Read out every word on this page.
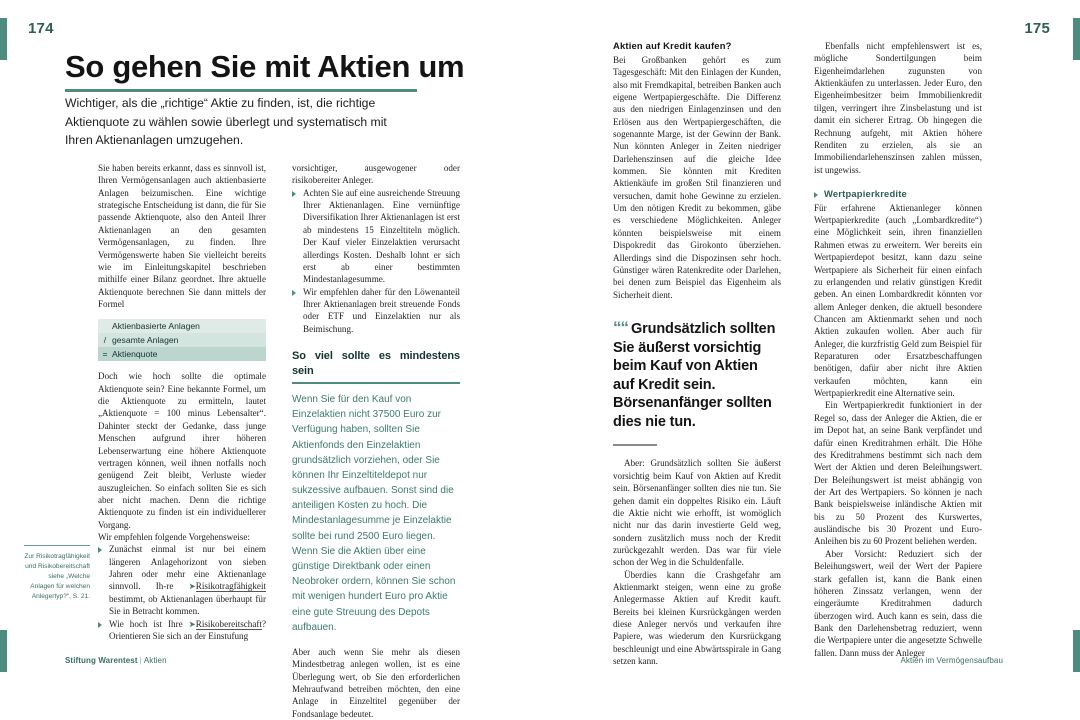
174	175
So gehen Sie mit Aktien um
Wichtiger, als die „richtige“ Aktie zu finden, ist, die richtige Aktienquote zu wählen sowie überlegt und systematisch mit Ihren Aktienanlagen umzugehen.

Sie haben bereits erkannt, dass es sinnvoll ist, Ihren Vermögensanlagen auch aktienbasierte Anlagen beizumischen. Eine wichtige strategische Entscheidung ist dann, die für Sie passende Aktienquote, also den Anteil Ihrer Aktienanlagen an den gesamten Vermögensanlagen, zu finden. Ihre Vermögenswerte haben Sie vielleicht bereits wie im Einleitungskapitel beschrieben mithilfe einer Bilanz geordnet. Ihre aktuelle Aktienquote berechnen Sie dann mittels der Formel

Aktienbasierte Anlagen
/ gesamte Anlagen
= Aktienquote

Doch wie hoch sollte die optimale Aktienquote sein? Eine bekannte Formel, um die Aktienquote zu ermitteln, lautet „Aktienquote = 100 minus Lebensalter“. Dahinter steckt der Gedanke, dass junge Menschen aufgrund ihrer höheren Lebenserwartung eine höhere Aktienquote vertragen können, weil ihnen notfalls noch genügend Zeit bleibt, Verluste wieder auszugleichen. So einfach sollten Sie es sich aber nicht machen. Denn die richtige Aktienquote zu finden ist ein individuellerer Vorgang.

Wir empfehlen folgende Vorgehensweise:

Zunächst einmal ist nur bei einem längeren Anlagehorizont von sieben Jahren oder mehr eine Aktienanlage sinnvoll. Ih-re ➤Risikotragfähigkeit bestimmt, ob Aktienanlagen überhaupt für Sie in Betracht kommen.
Wie hoch ist Ihre ➤Risikobereitschaft? Orientieren Sie sich an der Einstufung
Zur Risikotragfähigkeit und Risikobereitschaft siehe „Welche Anlagen für welchen Anlegertyp?“, S. 21.

vorsichtiger, ausgewogener oder risikobereiter Anleger.

Achten Sie auf eine ausreichende Streuung Ihrer Aktienanlagen. Eine vernünftige Diversifikation Ihrer Aktienanlagen ist erst ab mindestens 15 Einzeltiteln möglich. Der Kauf vieler Einzelaktien verursacht allerdings Kosten. Deshalb lohnt er sich erst ab einer bestimmten Mindestanlagesumme.
Wir empfehlen daher für den Löwenanteil Ihrer Aktienanlagen breit streuende Fonds oder ETF und Einzelaktien nur als Beimischung.
So viel sollte es mindestens sein
Wenn Sie für den Kauf von Einzelaktien nicht 37500 Euro zur Verfügung haben, sollten Sie Aktienfonds den Einzelaktien grundsätzlich vorziehen, oder Sie können Ihr Einzeltiteldepot nur sukzessive aufbauen. Sonst sind die anteiligen Kosten zu hoch. Die Mindestanlagesumme je Einzelaktie sollte bei rund 2500 Euro liegen. Wenn Sie die Aktien über eine günstige Direktbank oder einen Neobroker ordern, können Sie schon mit wenigen hundert Euro pro Aktie eine gute Streuung des Depots aufbauen.

Aber auch wenn Sie mehr als diesen Mindestbetrag anlegen wollen, ist es eine Überlegung wert, ob Sie den erforderlichen Mehraufwand betreiben möchten, den eine Anlage in Einzeltitel gegenüber der Fondsanlage bedeutet.

Stiftung Warentest | Aktien
Aktien auf Kredit kaufen?

Bei Großbanken gehört es zum Tagesgeschäft: Mit den Einlagen der Kunden, also mit Fremdkapital, betreiben Banken auch eigene Wertpapiergeschäfte. Die Differenz aus den niedrigen Einlagenzinsen und den Erlösen aus den Wertpapiergeschäften, die sogenannte Marge, ist der Gewinn der Bank. Nun könnten Anleger in Zeiten niedriger Darlehenszinsen auf die gleiche Idee kommen. Sie könnten mit Krediten Aktienkäufe im großen Stil finanzieren und versuchen, damit hohe Gewinne zu erzielen. Um den nötigen Kredit zu bekommen, gäbe es verschiedene Möglichkeiten. Anleger könnten beispielsweise mit einem Dispokredit das Girokonto überziehen. Allerdings sind die Dispozinsen sehr hoch. Günstiger wären Ratenkredite oder Darlehen, bei denen zum Beispiel das Eigenheim als Sicherheit dient.

““ Grundsätzlich sollten Sie äußerst vorsichtig beim Kauf von Aktien auf Kredit sein. Börsenanfänger sollten dies nie tun.

Aber: Grundsätzlich sollten Sie äußerst vorsichtig beim Kauf von Aktien auf Kredit sein. Börsenanfänger sollten dies nie tun. Sie gehen damit ein doppeltes Risiko ein. Läuft die Aktie nicht wie erhofft, ist womöglich nicht nur das darin investierte Geld weg, sondern zusätzlich muss noch der Kredit zurückgezahlt werden. Das war für viele schon der Weg in die Schuldenfalle.

Überdies kann die Crashgefahr am Aktienmarkt steigen, wenn eine zu große Anlegermasse Aktien auf Kredit kauft. Bereits bei kleinen Kursrückgängen werden diese Anleger nervös und verkaufen ihre Papiere, was wiederum den Kursrückgang beschleunigt und eine Abwärtsspirale in Gang setzen kann.

Ebenfalls nicht empfehlenswert ist es, mögliche Sondertilgungen beim Eigenheimdarlehen zugunsten von Aktienkäufen zu unterlassen. Jeder Euro, den Eigenheimbesitzer beim Immobilienkredit tilgen, verringert ihre Zinsbelastung und ist damit ein sicherer Ertrag. Ob hingegen die Rechnung aufgeht, mit Aktien höhere Renditen zu erzielen, als sie an Immobiliendarlehenszinsen zahlen müssen, ist ungewiss.

Wertpapierkredite

Für erfahrene Aktienanleger können Wertpapierkredite (auch „Lombardkredite“) eine Möglichkeit sein, ihren finanziellen Rahmen etwas zu erweitern. Wer bereits ein Wertpapierdepot besitzt, kann dazu seine Wertpapiere als Sicherheit für einen einfach zu erlangenden und relativ günstigen Kredit geben. An einen Lombardkredit könnten vor allem Anleger denken, die aktuell besondere Chancen am Aktienmarkt sehen und noch Aktien zukaufen wollen. Aber auch für Anleger, die kurzfristig Geld zum Beispiel für Reparaturen oder Ersatzbeschaffungen benötigen, dafür aber nicht ihre Aktien verkaufen möchten, kann ein Wertpapierkredit eine Alternative sein.

Ein Wertpapierkredit funktioniert in der Regel so, dass der Anleger die Aktien, die er im Depot hat, an seine Bank verpfändet und dafür einen Kreditrahmen erhält. Die Höhe des Kreditrahmens bestimmt sich nach dem Wert der Aktien und deren Beleihungswert. Der Beleihungswert ist meist abhängig von der Art des Wertpapiers. So können je nach Bank beispielsweise inländische Aktien mit bis zu 50 Prozent des Kurswertes, ausländische bis 30 Prozent und Euro-Anleihen bis zu 60 Prozent beliehen werden.

Aber Vorsicht: Reduziert sich der Beleihungswert, weil der Wert der Papiere stark gefallen ist, kann die Bank einen höheren Zinssatz verlangen, wenn der eingeräumte Kreditrahmen dadurch überzogen wird. Auch kann es sein, dass die Bank den Darlehensbetrag reduziert, wenn die Wertpapiere unter die angesetzte Schwelle fallen. Dann muss der Anleger

Aktien im Vermögensaufbau
